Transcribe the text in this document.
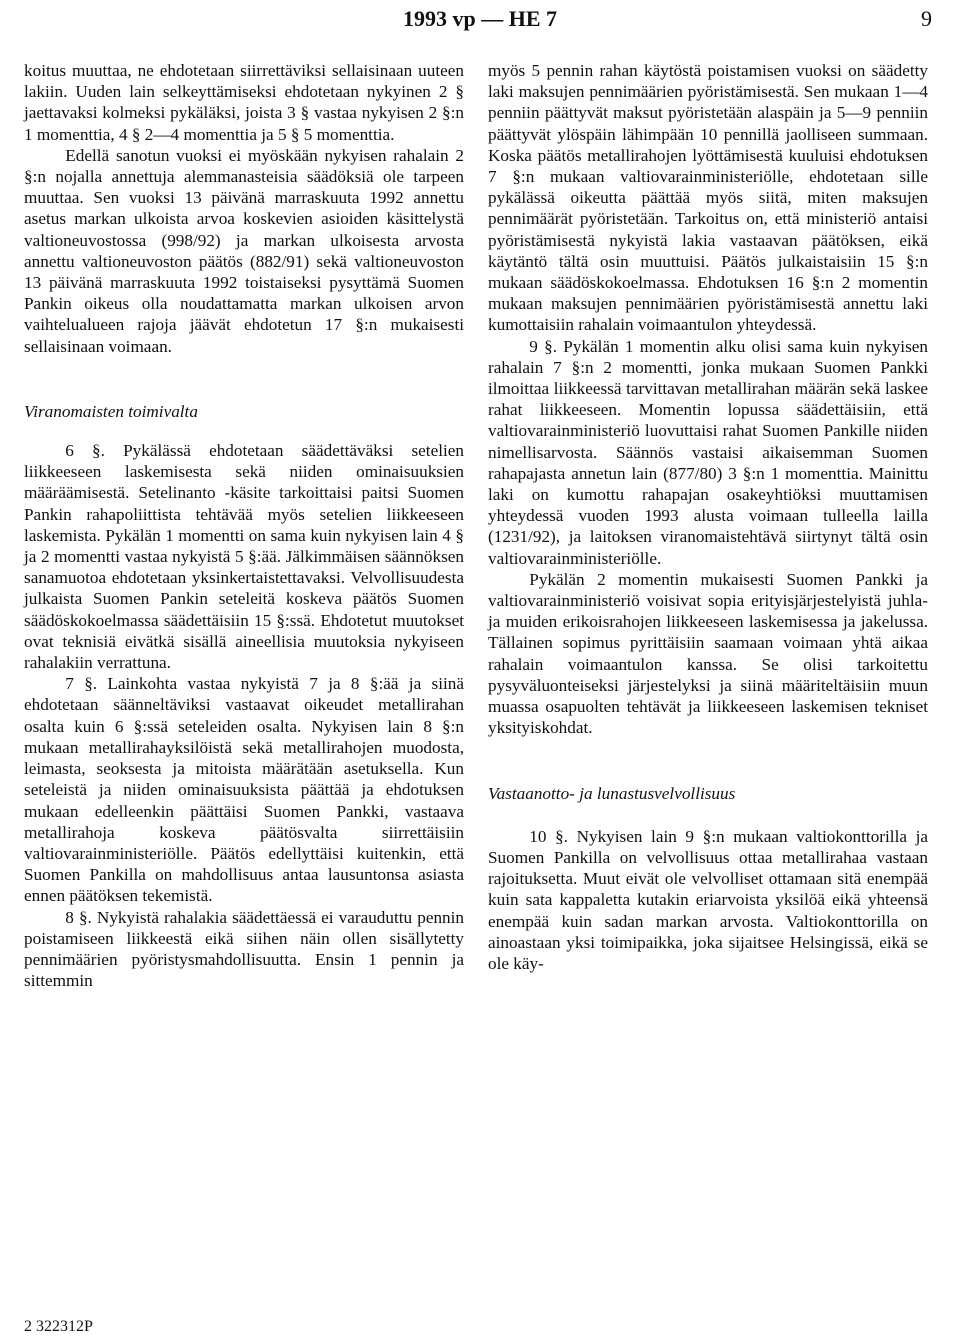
1993 vp — HE 7	9

koitus muuttaa, ne ehdotetaan siirrettäviksi sellaisinaan uuteen lakiin. Uuden lain selkeyttämiseksi ehdotetaan nykyinen 2 § jaettavaksi kolmeksi pykäläksi, joista 3 § vastaa nykyisen 2 §:n 1 momenttia, 4 § 2—4 momenttia ja 5 § 5 momenttia.

Edellä sanotun vuoksi ei myöskään nykyisen rahalain 2 §:n nojalla annettuja alemmanasteisia säädöksiä ole tarpeen muuttaa. Sen vuoksi 13 päivänä marraskuuta 1992 annettu asetus markan ulkoista arvoa koskevien asioiden käsittelystä valtioneuvostossa (998/92) ja markan ulkoisesta arvosta annettu valtioneuvoston päätös (882/91) sekä valtioneuvoston 13 päivänä marraskuuta 1992 toistaiseksi pysyttämä Suomen Pankin oikeus olla noudattamatta markan ulkoisen arvon vaihtelualueen rajoja jäävät ehdotetun 17 §:n mukaisesti sellaisinaan voimaan.

Viranomaisten toimivalta

6 §. Pykälässä ehdotetaan säädettäväksi setelien liikkeeseen laskemisesta sekä niiden ominaisuuksien määräämisestä. Setelinanto -käsite tarkoittaisi paitsi Suomen Pankin rahapoliittista tehtävää myös setelien liikkeeseen laskemista. Pykälän 1 momentti on sama kuin nykyisen lain 4 § ja 2 momentti vastaa nykyistä 5 §:ää. Jälkimmäisen säännöksen sanamuotoa ehdotetaan yksinkertaistettavaksi. Velvollisuudesta julkaista Suomen Pankin seteleitä koskeva päätös Suomen säädöskokoelmassa säädettäisiin 15 §:ssä. Ehdotetut muutokset ovat teknisiä eivätkä sisällä aineellisia muutoksia nykyiseen rahalakiin verrattuna.

7 §. Lainkohta vastaa nykyistä 7 ja 8 §:ää ja siinä ehdotetaan säänneltäviksi vastaavat oikeudet metallirahan osalta kuin 6 §:ssä seteleiden osalta. Nykyisen lain 8 §:n mukaan metallirahayksilöistä sekä metallirahojen muodosta, leimasta, seoksesta ja mitoista määrätään asetuksella. Kun seteleistä ja niiden ominaisuuksista päättää ja ehdotuksen mukaan edelleenkin päättäisi Suomen Pankki, vastaava metallirahoja koskeva päätösvalta siirrettäisiin valtiovarainministeriölle. Päätös edellyttäisi kuitenkin, että Suomen Pankilla on mahdollisuus antaa lausuntonsa asiasta ennen päätöksen tekemistä.

8 §. Nykyistä rahalakia säädettäessä ei varauduttu pennin poistamiseen liikkeestä eikä siihen näin ollen sisällytetty pennimäärien pyöristysmahdollisuutta. Ensin 1 pennin ja sittemmin

myös 5 pennin rahan käytöstä poistamisen vuoksi on säädetty laki maksujen pennimäärien pyöristämisestä. Sen mukaan 1—4 penniin päättyvät maksut pyöristetään alaspäin ja 5—9 penniin päättyvät ylöspäin lähimpään 10 pennillä jaolliseen summaan. Koska päätös metallirahojen lyöttämisestä kuuluisi ehdotuksen 7 §:n mukaan valtiovarainministeriölle, ehdotetaan sille pykälässä oikeutta päättää myös siitä, miten maksujen pennimäärät pyöristetään. Tarkoitus on, että ministeriö antaisi pyöristämisestä nykyistä lakia vastaavan päätöksen, eikä käytäntö tältä osin muuttuisi. Päätös julkaistaisiin 15 §:n mukaan säädöskokoelmassa. Ehdotuksen 16 §:n 2 momentin mukaan maksujen pennimäärien pyöristämisestä annettu laki kumottaisiin rahalain voimaantulon yhteydessä.

9 §. Pykälän 1 momentin alku olisi sama kuin nykyisen rahalain 7 §:n 2 momentti, jonka mukaan Suomen Pankki ilmoittaa liikkeessä tarvittavan metallirahan määrän sekä laskee rahat liikkeeseen. Momentin lopussa säädettäisiin, että valtiovarainministeriö luovuttaisi rahat Suomen Pankille niiden nimellisarvosta. Säännös vastaisi aikaisemman Suomen rahapajasta annetun lain (877/80) 3 §:n 1 momenttia. Mainittu laki on kumottu rahapajan osakeyhtiöksi muuttamisen yhteydessä vuoden 1993 alusta voimaan tulleella lailla (1231/92), ja laitoksen viranomaistehtävä siirtynyt tältä osin valtiovarainministeriölle.

Pykälän 2 momentin mukaisesti Suomen Pankki ja valtiovarainministeriö voisivat sopia erityisjärjestelyistä juhla- ja muiden erikoisrahojen liikkeeseen laskemisessa ja jakelussa. Tällainen sopimus pyrittäisiin saamaan voimaan yhtä aikaa rahalain voimaantulon kanssa. Se olisi tarkoitettu pysyväluonteiseksi järjestelyksi ja siinä määriteltäisiin muun muassa osapuolten tehtävät ja liikkeeseen laskemisen tekniset yksityiskohdat.

Vastaanotto- ja lunastusvelvollisuus

10 §. Nykyisen lain 9 §:n mukaan valtiokonttorilla ja Suomen Pankilla on velvollisuus ottaa metallirahaa vastaan rajoituksetta. Muut eivät ole velvolliset ottamaan sitä enempää kuin sata kappaletta kutakin eriarvoista yksilöä eikä yhteensä enempää kuin sadan markan arvosta. Valtiokonttorilla on ainoastaan yksi toimipaikka, joka sijaitsee Helsingissä, eikä se ole käy-

2 322312P
